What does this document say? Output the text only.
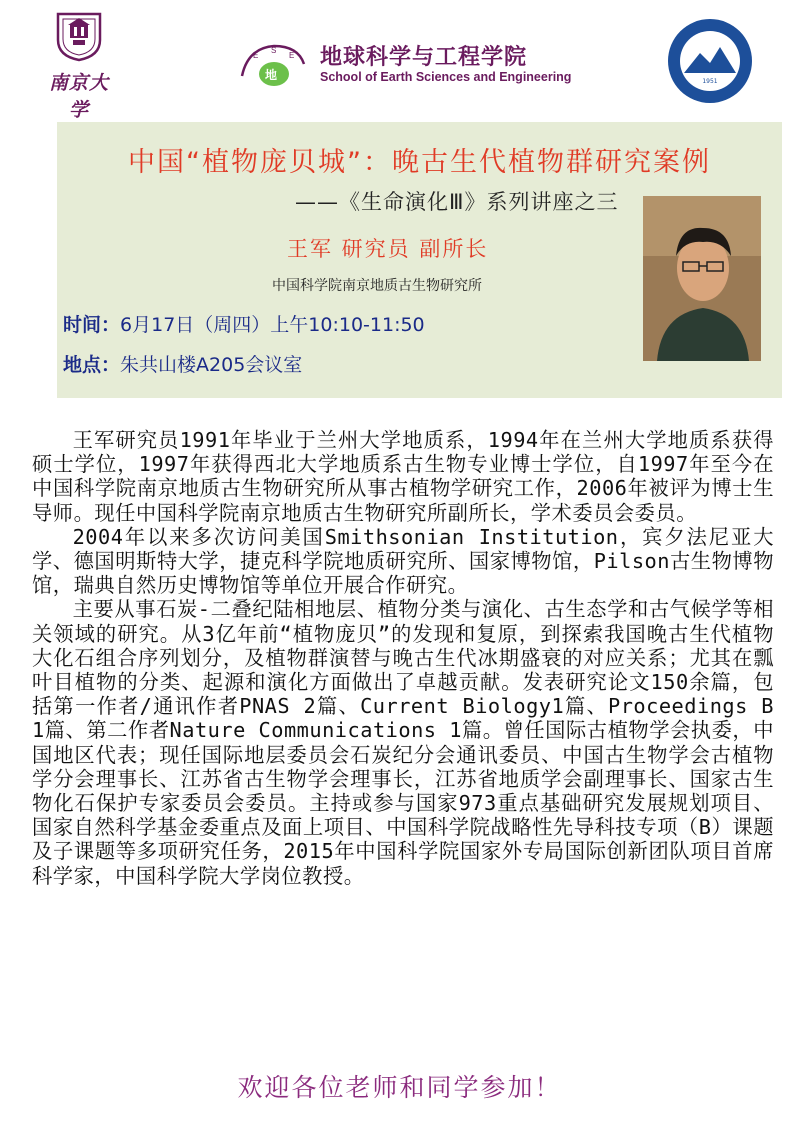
南京大学
E
S
E
地
地球科学与工程学院
School of Earth Sciences and Engineering	1951
中国“植物庞贝城”：晚古生代植物群研究案例
——《生命演化Ⅲ》系列讲座之三
王军 研究员 副所长
中国科学院南京地质古生物研究所
时间：6月17日（周四）上午10:10-11:50
地点：朱共山楼A205会议室

王军研究员1991年毕业于兰州大学地质系，1994年在兰州大学地质系获得硕士学位，1997年获得西北大学地质系古生物专业博士学位，自1997年至今在中国科学院南京地质古生物研究所从事古植物学研究工作，2006年被评为博士生导师。现任中国科学院南京地质古生物研究所副所长，学术委员会委员。

2004年以来多次访问美国Smithsonian Institution，宾夕法尼亚大学、德国明斯特大学，捷克科学院地质研究所、国家博物馆，Pilson古生物博物馆，瑞典自然历史博物馆等单位开展合作研究。

主要从事石炭-二叠纪陆相地层、植物分类与演化、古生态学和古气候学等相关领域的研究。从3亿年前“植物庞贝”的发现和复原，到探索我国晚古生代植物大化石组合序列划分，及植物群演替与晚古生代冰期盛衰的对应关系；尤其在瓢叶目植物的分类、起源和演化方面做出了卓越贡献。发表研究论文150余篇，包括第一作者/通讯作者PNAS 2篇、Current Biology1篇、Proceedings B 1篇、第二作者Nature Communications 1篇。曾任国际古植物学会执委，中国地区代表；现任国际地层委员会石炭纪分会通讯委员、中国古生物学会古植物学分会理事长、江苏省古生物学会理事长，江苏省地质学会副理事长、国家古生物化石保护专家委员会委员。主持或参与国家973重点基础研究发展规划项目、国家自然科学基金委重点及面上项目、中国科学院战略性先导科技专项（B）课题及子课题等多项研究任务，2015年中国科学院国家外专局国际创新团队项目首席科学家，中国科学院大学岗位教授。

欢迎各位老师和同学参加！
